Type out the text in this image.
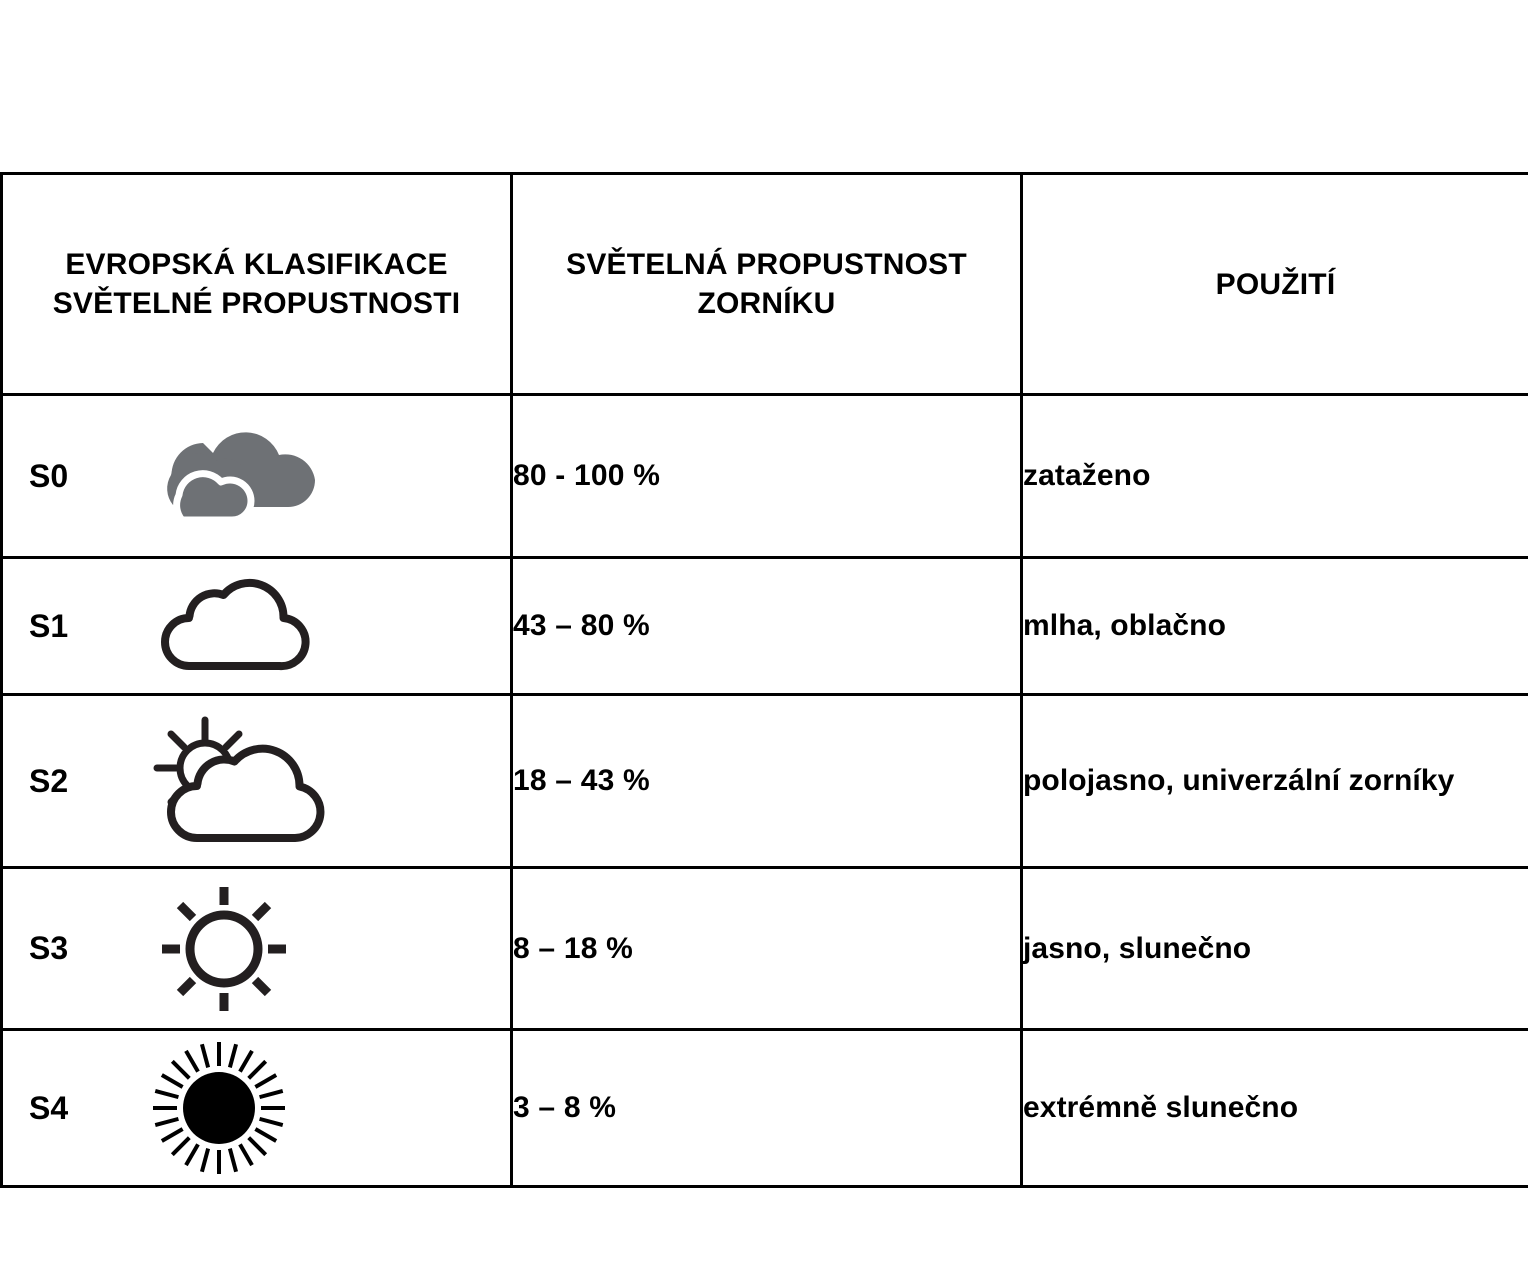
EVROPSKÁ KLASIFIKACE SVĚTELNÉ PROPUSTNOSTI	SVĚTELNÁ PROPUSTNOST ZORNÍKU	POUŽITÍ

S0	80 - 100 %	zataženo

S1	43 – 80 %	mlha, oblačno

S2	18 – 43 %	polojasno, univerzální zorníky

S3	8 – 18 %	jasno, slunečno

S4	3 – 8 %	extrémně slunečno
